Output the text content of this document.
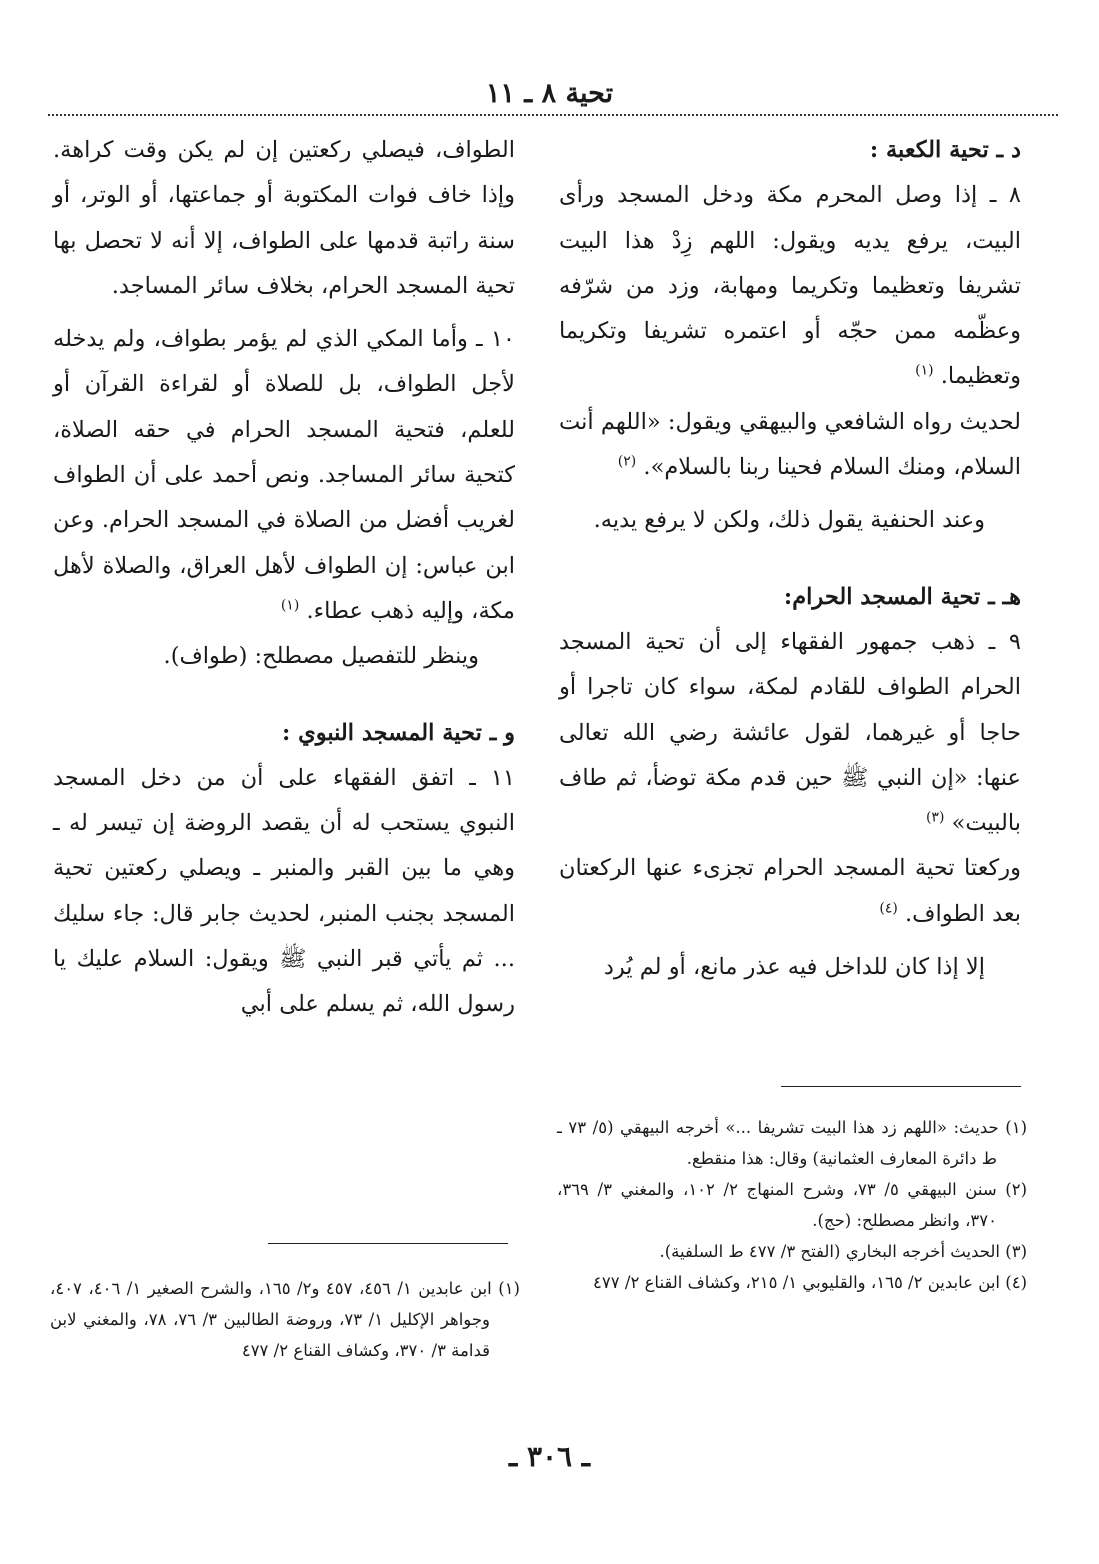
تحية ٨ ـ ١١

د ـ تحية الكعبة :

٨ ـ إذا وصل المحرم مكة ودخل المسجد ورأى البيت، يرفع يديه ويقول: اللهم زِدْ هذا البيت تشريفا وتعظيما وتكريما ومهابة، وزد من شرّفه وعظّمه ممن حجّه أو اعتمره تشريفا وتكريما وتعظيما. $^{(١)}$

لحديث رواه الشافعي والبيهقي ويقول: «اللهم أنت السلام، ومنك السلام فحينا ربنا بالسلام». $^{(٢)}$

وعند الحنفية يقول ذلك، ولكن لا يرفع يديه.

هـ ـ تحية المسجد الحرام:

٩ ـ ذهب جمهور الفقهاء إلى أن تحية المسجد الحرام الطواف للقادم لمكة، سواء كان تاجرا أو حاجا أو غيرهما، لقول عائشة رضي الله تعالى عنها: «إن النبي ﷺ حين قدم مكة توضأ، ثم طاف بالبيت» $^{(٣)}$

وركعتا تحية المسجد الحرام تجزىء عنها الركعتان بعد الطواف. $^{(٤)}$

إلا إذا كان للداخل فيه عذر مانع، أو لم يُرد

الطواف، فيصلي ركعتين إن لم يكن وقت كراهة. وإذا خاف فوات المكتوبة أو جماعتها، أو الوتر، أو سنة راتبة قدمها على الطواف، إلا أنه لا تحصل بها تحية المسجد الحرام، بخلاف سائر المساجد.

١٠ ـ وأما المكي الذي لم يؤمر بطواف، ولم يدخله لأجل الطواف، بل للصلاة أو لقراءة القرآن أو للعلم، فتحية المسجد الحرام في حقه الصلاة، كتحية سائر المساجد. ونص أحمد على أن الطواف لغريب أفضل من الصلاة في المسجد الحرام. وعن ابن عباس: إن الطواف لأهل العراق، والصلاة لأهل مكة، وإليه ذهب عطاء. $^{(١)}$

وينظر للتفصيل مصطلح: (طواف).

و ـ تحية المسجد النبوي :

١١ ـ اتفق الفقهاء على أن من دخل المسجد النبوي يستحب له أن يقصد الروضة إن تيسر له ـ وهي ما بين القبر والمنبر ـ ويصلي ركعتين تحية المسجد بجنب المنبر، لحديث جابر قال: جاء سليك ... ثم يأتي قبر النبي ﷺ ويقول: السلام عليك يا رسول الله، ثم يسلم على أبي

(١) حديث: «اللهم زد هذا البيت تشريفا ...» أخرجه البيهقي (٥/ ٧٣ ـ ط دائرة المعارف العثمانية) وقال: هذا منقطع.

(٢) سنن البيهقي ٥/ ٧٣، وشرح المنهاج ٢/ ١٠٢، والمغني ٣/ ٣٦٩، ٣٧٠، وانظر مصطلح: (حج).

(٣) الحديث أخرجه البخاري (الفتح ٣/ ٤٧٧ ط السلفية).

(٤) ابن عابدين ٢/ ١٦٥، والقليوبي ١/ ٢١٥، وكشاف القناع ٢/ ٤٧٧

(١) ابن عابدين ١/ ٤٥٦، ٤٥٧ و٢/ ١٦٥، والشرح الصغير ١/ ٤٠٦، ٤٠٧، وجواهر الإكليل ١/ ٧٣، وروضة الطالبين ٣/ ٧٦، ٧٨، والمغني لابن قدامة ٣/ ٣٧٠، وكشاف القناع ٢/ ٤٧٧

ـ ٣٠٦ ـ
